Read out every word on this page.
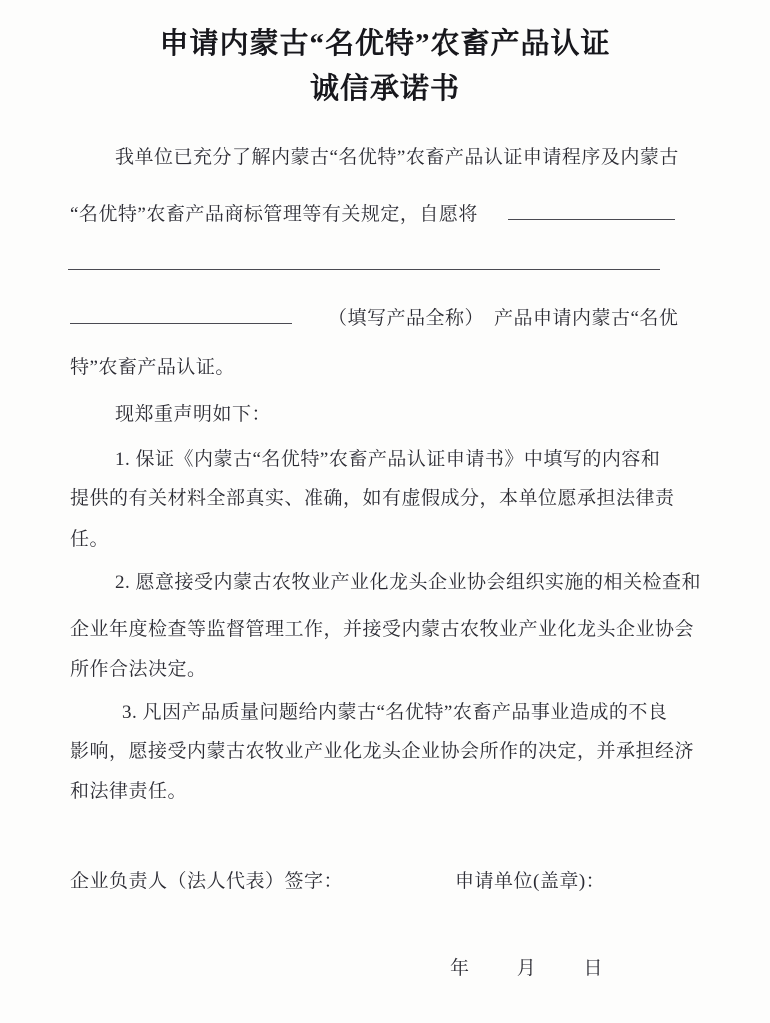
申请内蒙古“名优特”农畜产品认证
诚信承诺书
我单位已充分了解内蒙古“名优特”农畜产品认证申请程序及内蒙古
“名优特”农畜产品商标管理等有关规定，自愿将
（填写产品全称）　产品申请内蒙古“名优
特”农畜产品认证。
现郑重声明如下：
1. 保证《内蒙古“名优特”农畜产品认证申请书》中填写的内容和
提供的有关材料全部真实、准确，如有虚假成分，本单位愿承担法律责
任。
2. 愿意接受内蒙古农牧业产业化龙头企业协会组织实施的相关检查和
企业年度检查等监督管理工作，并接受内蒙古农牧业产业化龙头企业协会
所作合法决定。
3. 凡因产品质量问题给内蒙古“名优特”农畜产品事业造成的不良
影响，愿接受内蒙古农牧业产业化龙头企业协会所作的决定，并承担经济
和法律责任。
企业负责人（法人代表）签字：	申请单位(盖章)：
年 月 日
